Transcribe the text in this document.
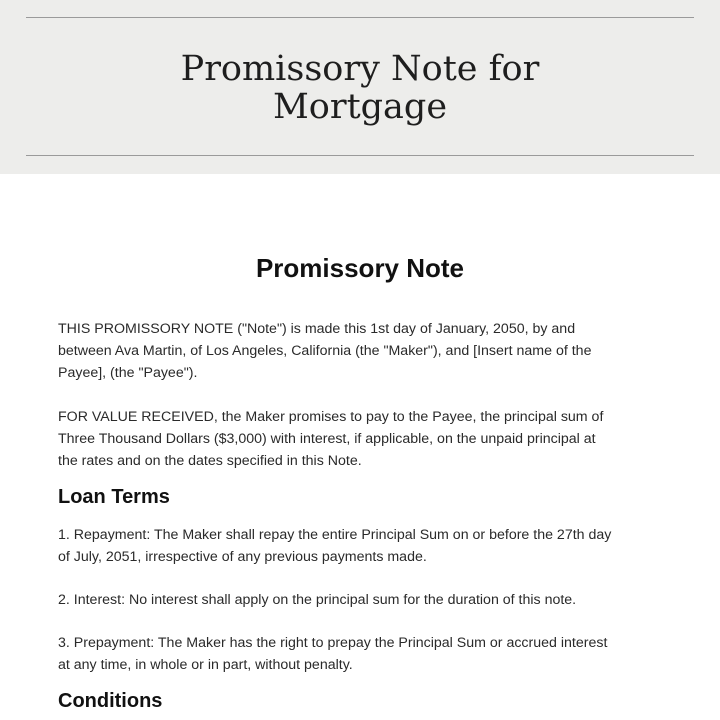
Promissory Note for
Mortgage
Promissory Note

THIS PROMISSORY NOTE ("Note") is made this 1st day of January, 2050, by and
between Ava Martin, of Los Angeles, California (the "Maker"), and [Insert name of the
Payee], (the "Payee").

FOR VALUE RECEIVED, the Maker promises to pay to the Payee, the principal sum of
Three Thousand Dollars ($3,000) with interest, if applicable, on the unpaid principal at
the rates and on the dates specified in this Note.

Loan Terms

1. Repayment: The Maker shall repay the entire Principal Sum on or before the 27th day
of July, 2051, irrespective of any previous payments made.

2. Interest: No interest shall apply on the principal sum for the duration of this note.

3. Prepayment: The Maker has the right to prepay the Principal Sum or accrued interest
at any time, in whole or in part, without penalty.

Conditions
